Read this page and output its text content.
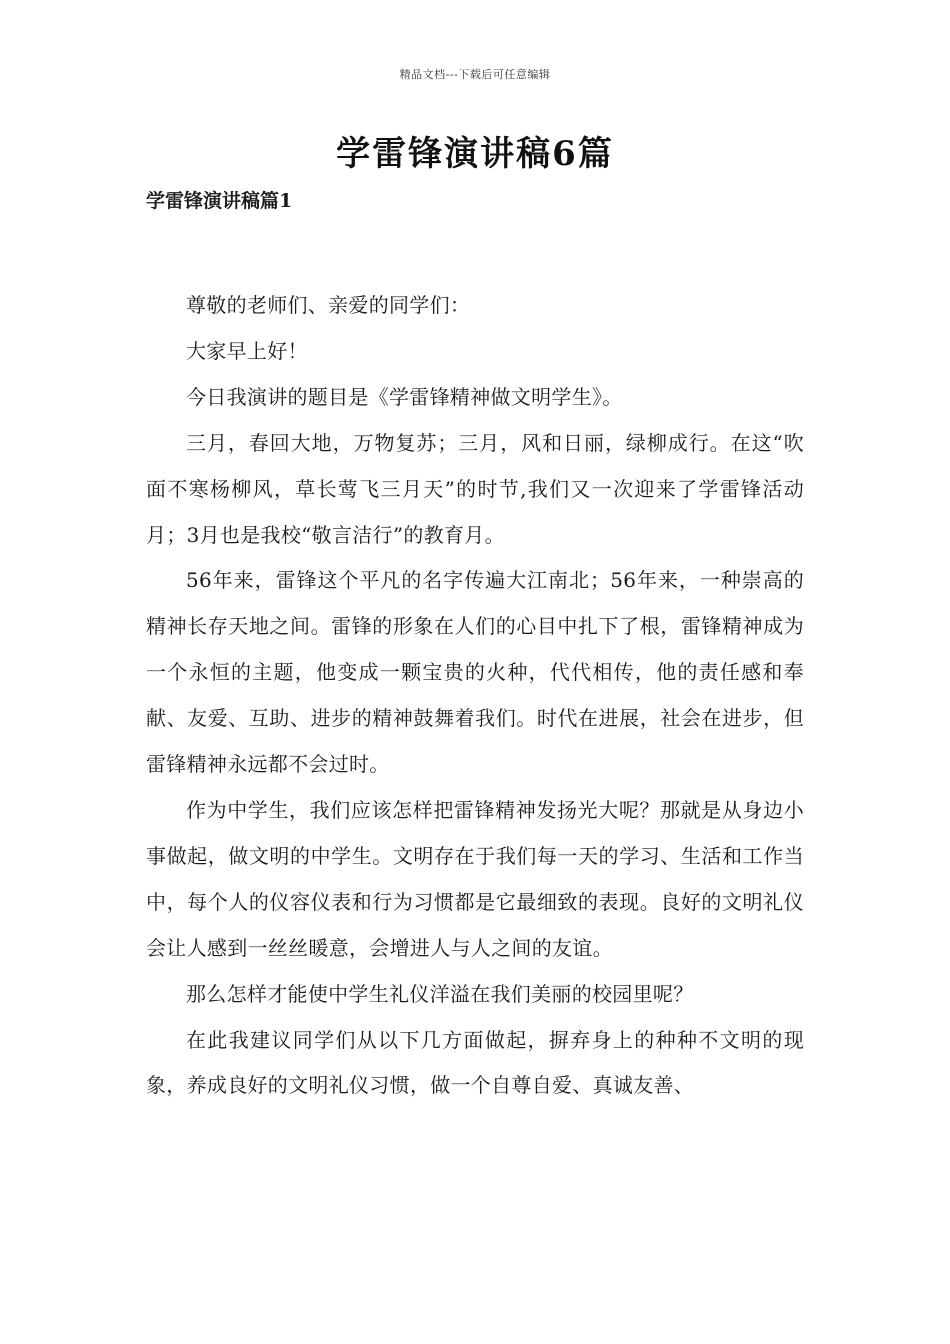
精品文档---下载后可任意编辑
学雷锋演讲稿6篇
学雷锋演讲稿篇1

尊敬的老师们、亲爱的同学们：

大家早上好！

今日我演讲的题目是《学雷锋精神做文明学生》。

三月，春回大地，万物复苏；三月，风和日丽，绿柳成行。在这“吹面不寒杨柳风，草长莺飞三月天”的时节,我们又一次迎来了学雷锋活动月；3月也是我校“敬言洁行”的教育月。

56年来，雷锋这个平凡的名字传遍大江南北；56年来，一种崇高的精神长存天地之间。雷锋的形象在人们的心目中扎下了根，雷锋精神成为一个永恒的主题，他变成一颗宝贵的火种，代代相传，他的责任感和奉献、友爱、互助、进步的精神鼓舞着我们。时代在进展，社会在进步，但雷锋精神永远都不会过时。

作为中学生，我们应该怎样把雷锋精神发扬光大呢？那就是从身边小事做起，做文明的中学生。文明存在于我们每一天的学习、生活和工作当中，每个人的仪容仪表和行为习惯都是它最细致的表现。良好的文明礼仪会让人感到一丝丝暖意，会增进人与人之间的友谊。

那么怎样才能使中学生礼仪洋溢在我们美丽的校园里呢？

在此我建议同学们从以下几方面做起，摒弃身上的种种不文明的现象，养成良好的文明礼仪习惯，做一个自尊自爱、真诚友善、
